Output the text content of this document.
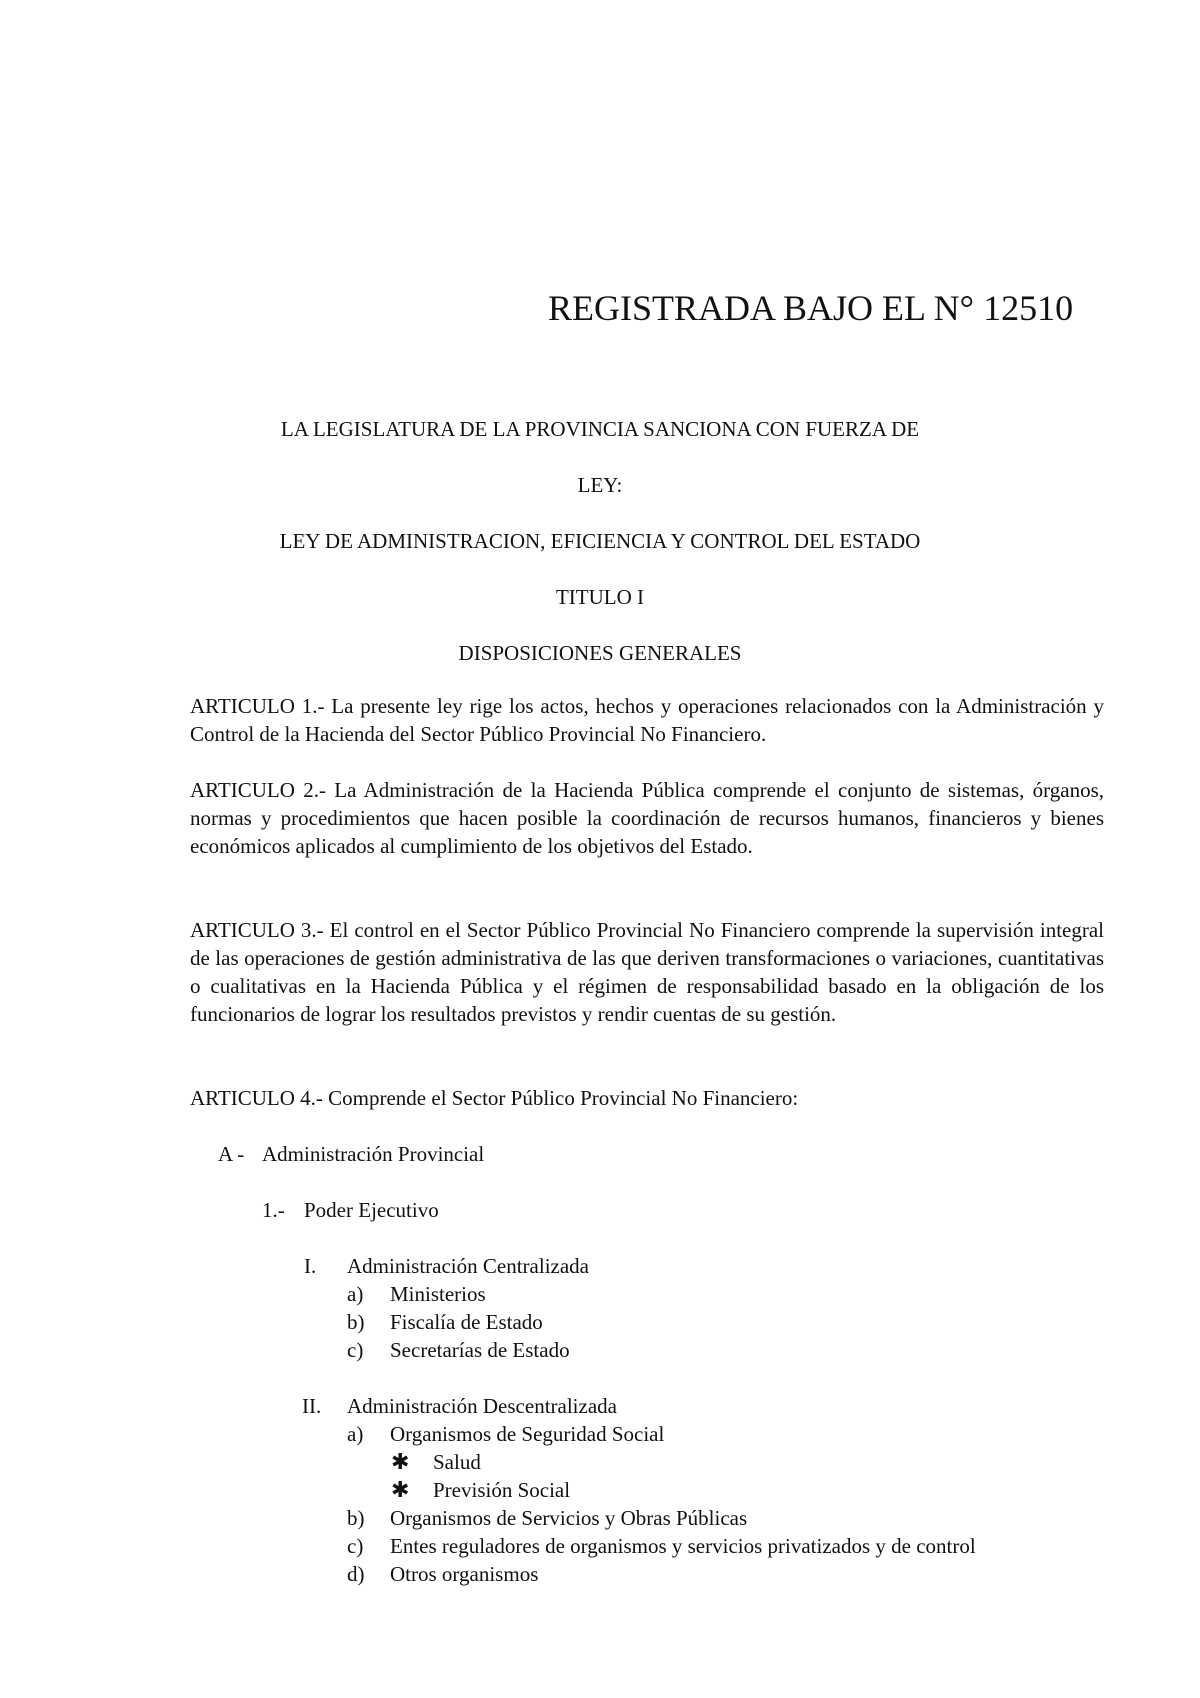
REGISTRADA BAJO EL N° 12510
LA LEGISLATURA DE LA PROVINCIA SANCIONA CON FUERZA DE
LEY:
LEY DE ADMINISTRACION, EFICIENCIA Y CONTROL DEL ESTADO
TITULO I
DISPOSICIONES GENERALES
ARTICULO 1.- La presente ley rige los actos, hechos y operaciones relacionados con la Administración y Control de la Hacienda del Sector Público Provincial No Financiero.
ARTICULO 2.- La Administración de la Hacienda Pública comprende el conjunto de sistemas, órganos, normas y procedimientos que hacen posible la coordinación de recursos humanos, financieros y bienes económicos aplicados al cumplimiento de los objetivos del Estado.
ARTICULO 3.- El control en el Sector Público Provincial No Financiero comprende la supervisión integral de las operaciones de gestión administrativa de las que deriven transformaciones o variaciones, cuantitativas o cualitativas en la Hacienda Pública y el régimen de responsabilidad basado en la obligación de los funcionarios de lograr los resultados previstos y rendir cuentas de su gestión.
ARTICULO 4.- Comprende el Sector Público Provincial No Financiero:
A - Administración Provincial
1.- Poder Ejecutivo
I. Administración Centralizada
a) Ministerios
b) Fiscalía de Estado
c) Secretarías de Estado
II. Administración Descentralizada
a) Organismos de Seguridad Social
✱ Salud
✱ Previsión Social
b) Organismos de Servicios y Obras Públicas
c) Entes reguladores de organismos y servicios privatizados y de control
d) Otros organismos
